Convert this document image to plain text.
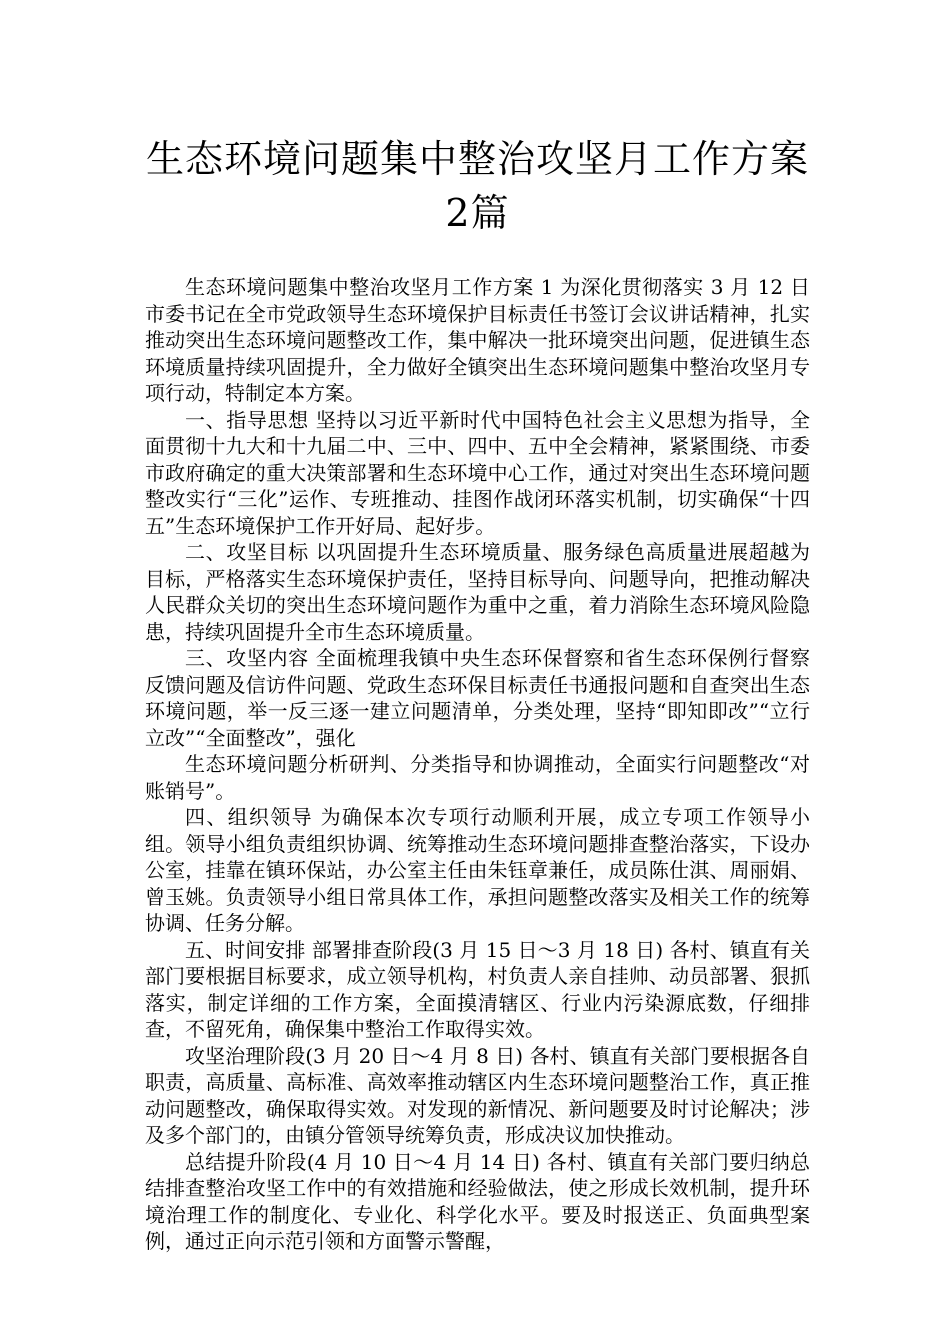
生态环境问题集中整治攻坚月工作方案2篇

生态环境问题集中整治攻坚月工作方案 1 为深化贯彻落实 3 月 12 日市委书记在全市党政领导生态环境保护目标责任书签订会议讲话精神，扎实推动突出生态环境问题整改工作，集中解决一批环境突出问题，促进镇生态环境质量持续巩固提升，全力做好全镇突出生态环境问题集中整治攻坚月专项行动，特制定本方案。

一、指导思想 坚持以习近平新时代中国特色社会主义思想为指导，全面贯彻十九大和十九届二中、三中、四中、五中全会精神，紧紧围绕、市委市政府确定的重大决策部署和生态环境中心工作，通过对突出生态环境问题整改实行“三化”运作、专班推动、挂图作战闭环落实机制，切实确保“十四五”生态环境保护工作开好局、起好步。

二、攻坚目标 以巩固提升生态环境质量、服务绿色高质量进展超越为目标，严格落实生态环境保护责任，坚持目标导向、问题导向，把推动解决人民群众关切的突出生态环境问题作为重中之重，着力消除生态环境风险隐患，持续巩固提升全市生态环境质量。

三、攻坚内容 全面梳理我镇中央生态环保督察和省生态环保例行督察反馈问题及信访件问题、党政生态环保目标责任书通报问题和自查突出生态环境问题，举一反三逐一建立问题清单，分类处理，坚持“即知即改”“立行立改”“全面整改”，强化

生态环境问题分析研判、分类指导和协调推动，全面实行问题整改“对账销号”。

四、组织领导 为确保本次专项行动顺利开展，成立专项工作领导小组。领导小组负责组织协调、统筹推动生态环境问题排查整治落实，下设办公室，挂靠在镇环保站，办公室主任由朱钰章兼任，成员陈仕淇、周丽娟、曾玉姚。负责领导小组日常具体工作，承担问题整改落实及相关工作的统筹协调、任务分解。

五、时间安排 部署排查阶段(3 月 15 日～3 月 18 日) 各村、镇直有关部门要根据目标要求，成立领导机构，村负责人亲自挂帅、动员部署、狠抓落实，制定详细的工作方案，全面摸清辖区、行业内污染源底数，仔细排查，不留死角，确保集中整治工作取得实效。

攻坚治理阶段(3 月 20 日～4 月 8 日) 各村、镇直有关部门要根据各自职责，高质量、高标准、高效率推动辖区内生态环境问题整治工作，真正推动问题整改，确保取得实效。对发现的新情况、新问题要及时讨论解决；涉及多个部门的，由镇分管领导统筹负责，形成决议加快推动。

总结提升阶段(4 月 10 日～4 月 14 日) 各村、镇直有关部门要归纳总结排查整治攻坚工作中的有效措施和经验做法，使之形成长效机制，提升环境治理工作的制度化、专业化、科学化水平。要及时报送正、负面典型案例，通过正向示范引领和方面警示警醒，
